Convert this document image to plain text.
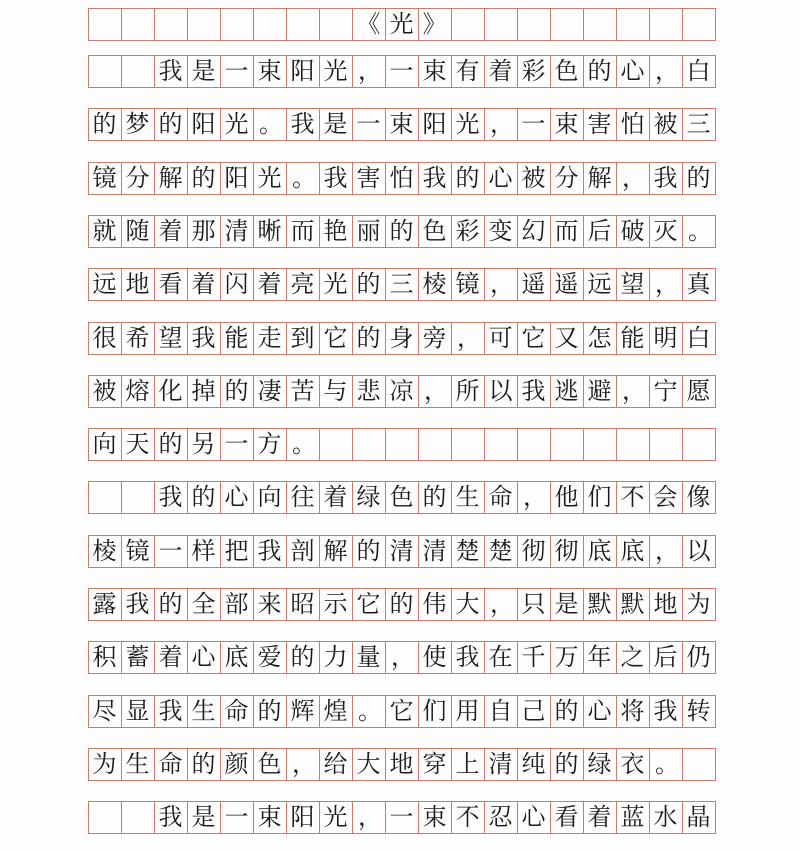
《 光 》
我 是 一 束 阳 光 ， 一 束 有 着 彩 色 的 心 ， 白
的 梦 的 阳 光 。 我 是 一 束 阳 光 ， 一 束 害 怕 被 三
镜 分 解 的 阳 光 。 我 害 怕 我 的 心 被 分 解 ， 我 的
就 随 着 那 清 晰 而 艳 丽 的 色 彩 变 幻 而 后 破 灭 。
远 地 看 着 闪 着 亮 光 的 三 棱 镜 ， 遥 遥 远 望 ， 真
很 希 望 我 能 走 到 它 的 身 旁 ， 可 它 又 怎 能 明 白
被 熔 化 掉 的 凄 苦 与 悲 凉 ， 所 以 我 逃 避 ， 宁 愿
向 天 的 另 一 方 。
我 的 心 向 往 着 绿 色 的 生 命 ， 他 们 不 会 像
棱 镜 一 样 把 我 剖 解 的 清 清 楚 楚 彻 彻 底 底 ， 以
露 我 的 全 部 来 昭 示 它 的 伟 大 ， 只 是 默 默 地 为
积 蓄 着 心 底 爱 的 力 量 ， 使 我 在 千 万 年 之 后 仍
尽 显 我 生 命 的 辉 煌 。 它 们 用 自 己 的 心 将 我 转
为 生 命 的 颜 色 ， 给 大 地 穿 上 清 纯 的 绿 衣 。
我 是 一 束 阳 光 ， 一 束 不 忍 心 看 着 蓝 水 晶
